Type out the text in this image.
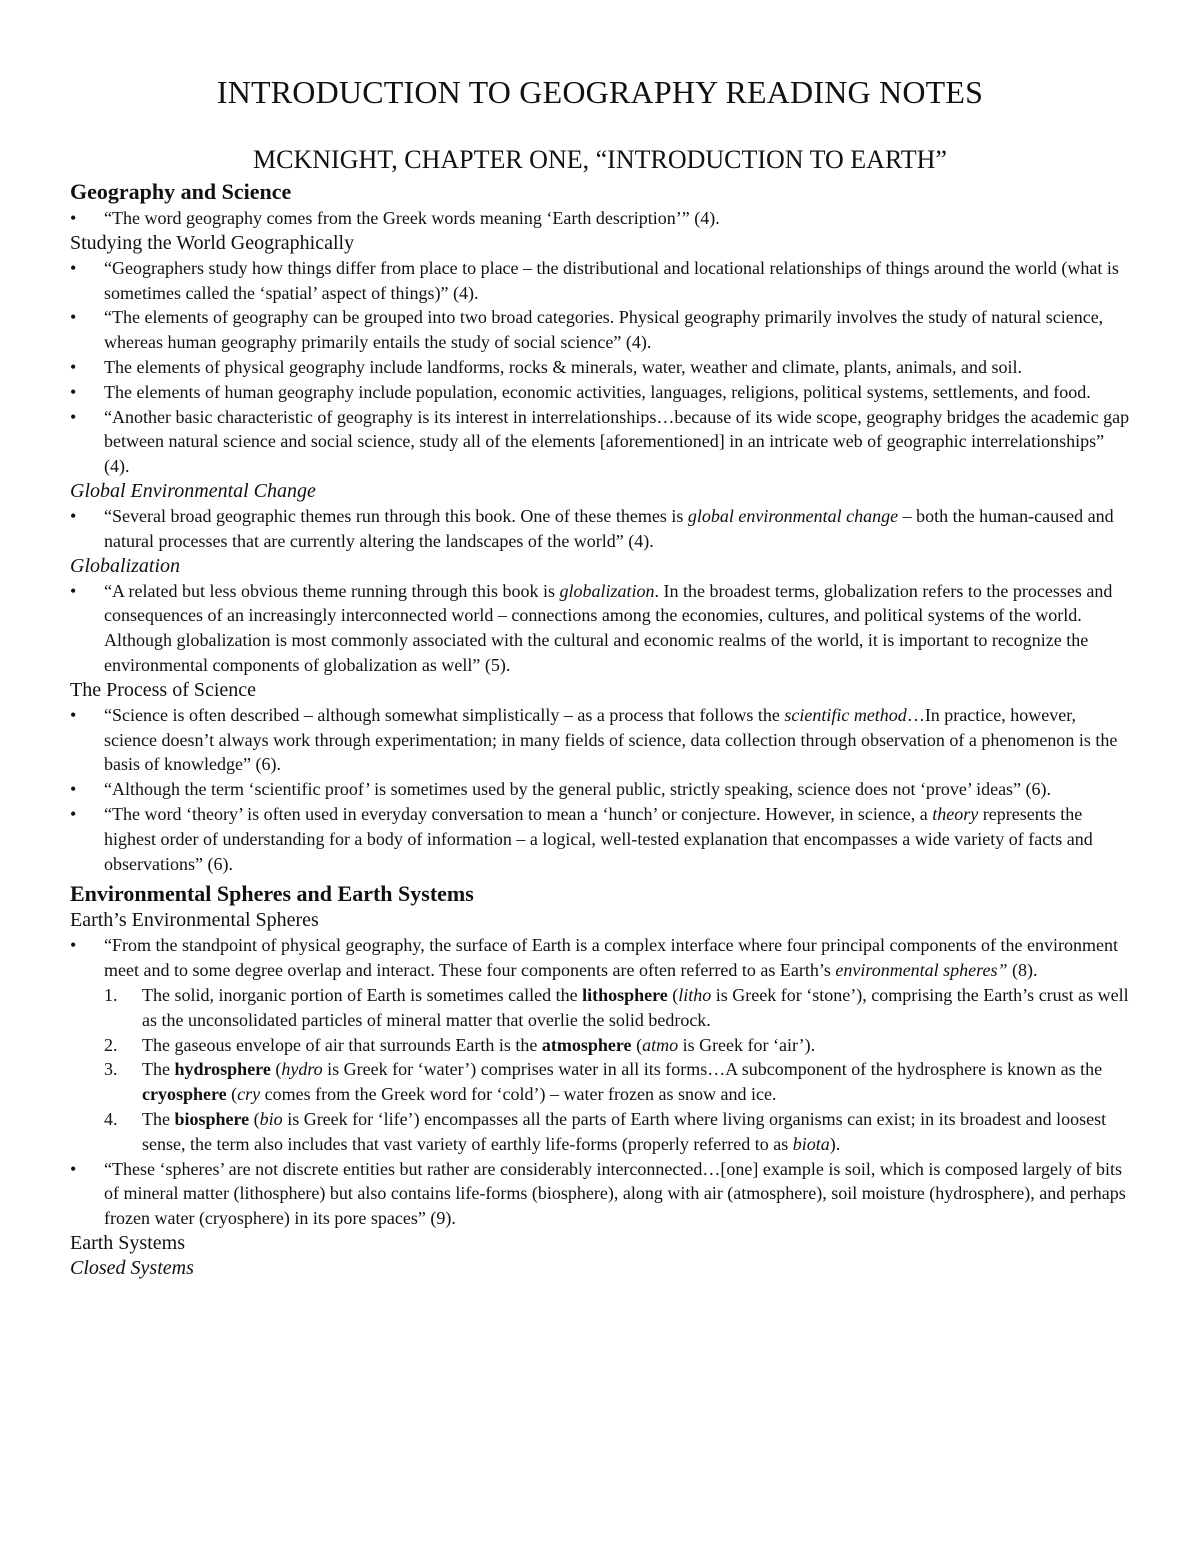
INTRODUCTION TO GEOGRAPHY READING NOTES
MCKNIGHT, CHAPTER ONE, “INTRODUCTION TO EARTH”
Geography and Science
• “The word geography comes from the Greek words meaning ‘Earth description’” (4).
Studying the World Geographically
• “Geographers study how things differ from place to place – the distributional and locational relationships of things around the world (what is sometimes called the ‘spatial’ aspect of things)” (4).
• “The elements of geography can be grouped into two broad categories. Physical geography primarily involves the study of natural science, whereas human geography primarily entails the study of social science” (4).
• The elements of physical geography include landforms, rocks & minerals, water, weather and climate, plants, animals, and soil.
• The elements of human geography include population, economic activities, languages, religions, political systems, settlements, and food.
• “Another basic characteristic of geography is its interest in interrelationships…because of its wide scope, geography bridges the academic gap between natural science and social science, study all of the elements [aforementioned] in an intricate web of geographic interrelationships” (4).
Global Environmental Change
• “Several broad geographic themes run through this book. One of these themes is global environmental change – both the human-caused and natural processes that are currently altering the landscapes of the world” (4).
Globalization
• “A related but less obvious theme running through this book is globalization. In the broadest terms, globalization refers to the processes and consequences of an increasingly interconnected world – connections among the economies, cultures, and political systems of the world. Although globalization is most commonly associated with the cultural and economic realms of the world, it is important to recognize the environmental components of globalization as well” (5).
The Process of Science
• “Science is often described – although somewhat simplistically – as a process that follows the scientific method…In practice, however, science doesn’t always work through experimentation; in many fields of science, data collection through observation of a phenomenon is the basis of knowledge” (6).
• “Although the term ‘scientific proof’ is sometimes used by the general public, strictly speaking, science does not ‘prove’ ideas” (6).
• “The word ‘theory’ is often used in everyday conversation to mean a ‘hunch’ or conjecture. However, in science, a theory represents the highest order of understanding for a body of information – a logical, well-tested explanation that encompasses a wide variety of facts and observations” (6).
Environmental Spheres and Earth Systems
Earth’s Environmental Spheres
• “From the standpoint of physical geography, the surface of Earth is a complex interface where four principal components of the environment meet and to some degree overlap and interact. These four components are often referred to as Earth’s environmental spheres” (8).
1. The solid, inorganic portion of Earth is sometimes called the lithosphere (litho is Greek for ‘stone’), comprising the Earth’s crust as well as the unconsolidated particles of mineral matter that overlie the solid bedrock.
2. The gaseous envelope of air that surrounds Earth is the atmosphere (atmo is Greek for ‘air’).
3. The hydrosphere (hydro is Greek for ‘water’) comprises water in all its forms…A subcomponent of the hydrosphere is known as the cryosphere (cry comes from the Greek word for ‘cold’) – water frozen as snow and ice.
4. The biosphere (bio is Greek for ‘life’) encompasses all the parts of Earth where living organisms can exist; in its broadest and loosest sense, the term also includes that vast variety of earthly life-forms (properly referred to as biota).
• “These ‘spheres’ are not discrete entities but rather are considerably interconnected…[one] example is soil, which is composed largely of bits of mineral matter (lithosphere) but also contains life-forms (biosphere), along with air (atmosphere), soil moisture (hydrosphere), and perhaps frozen water (cryosphere) in its pore spaces” (9).
Earth Systems
Closed Systems
